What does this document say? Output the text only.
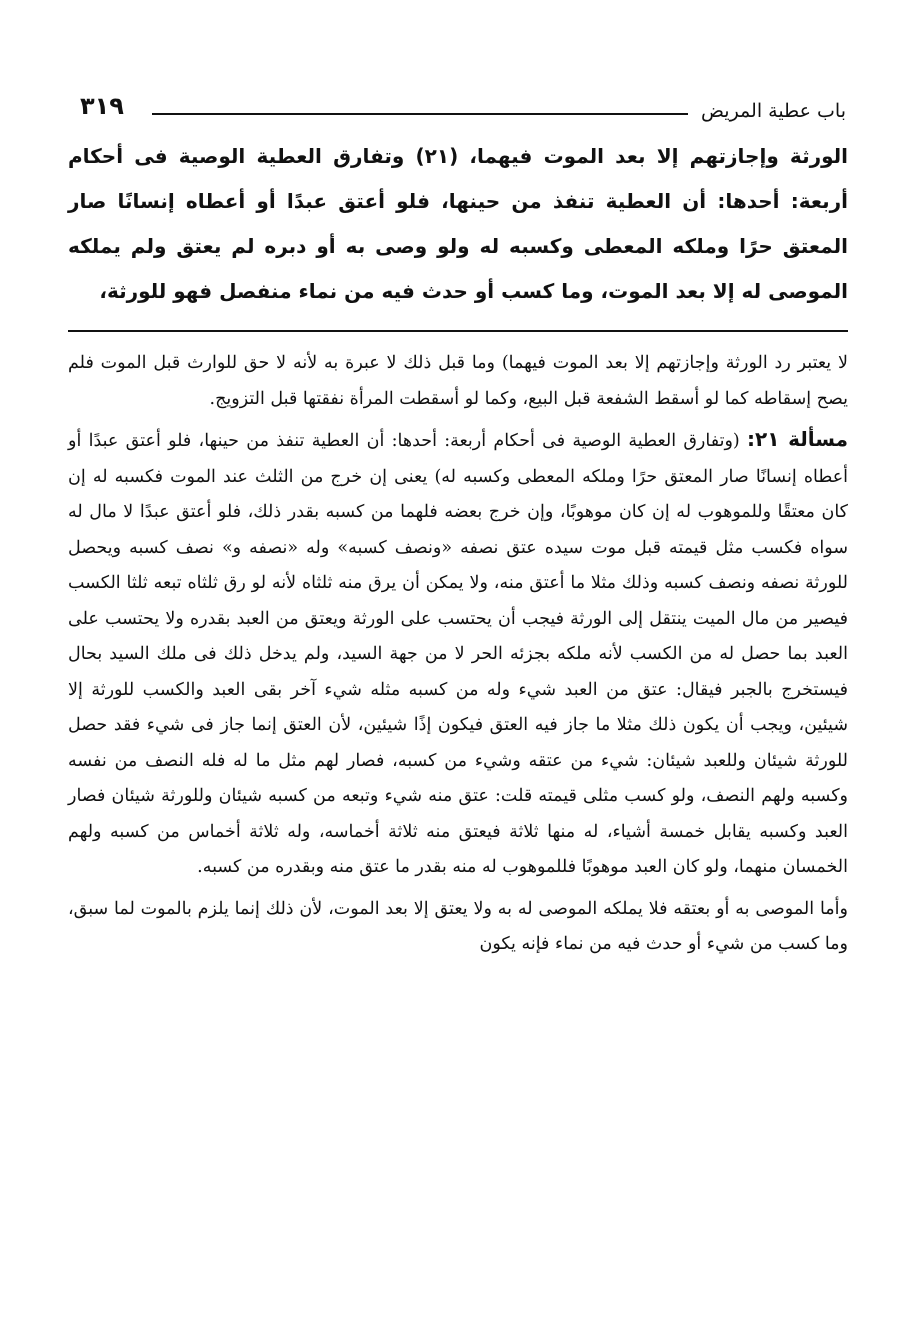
باب عطية المريض
٣١٩

الورثة وإجازتهم إلا بعد الموت فيهما، (٢١) وتفارق العطية الوصية فى أحكام أربعة: أحدها: أن العطية تنفذ من حينها، فلو أعتق عبدًا أو أعطاه إنسانًا صار المعتق حرًا وملكه المعطى وكسبه له ولو وصى به أو دبره لم يعتق ولم يملكه الموصى له إلا بعد الموت، وما كسب أو حدث فيه من نماء منفصل فهو للورثة،

لا يعتبر رد الورثة وإجازتهم إلا بعد الموت فيهما) وما قبل ذلك لا عبرة به لأنه لا حق للوارث قبل الموت فلم يصح إسقاطه كما لو أسقط الشفعة قبل البيع، وكما لو أسقطت المرأة نفقتها قبل التزويج.

مسألة ٢١: (وتفارق العطية الوصية فى أحكام أربعة: أحدها: أن العطية تنفذ من حينها، فلو أعتق عبدًا أو أعطاه إنسانًا صار المعتق حرًا وملكه المعطى وكسبه له) يعنى إن خرج من الثلث عند الموت فكسبه له إن كان معتقًا وللموهوب له إن كان موهوبًا، وإن خرج بعضه فلهما من كسبه بقدر ذلك، فلو أعتق عبدًا لا مال له سواه فكسب مثل قيمته قبل موت سيده عتق نصفه «ونصف كسبه» وله «نصفه و» نصف كسبه ويحصل للورثة نصفه ونصف كسبه وذلك مثلا ما أعتق منه، ولا يمكن أن يرق منه ثلثاه لأنه لو رق ثلثاه تبعه ثلثا الكسب فيصير من مال الميت ينتقل إلى الورثة فيجب أن يحتسب على الورثة ويعتق من العبد بقدره ولا يحتسب على العبد بما حصل له من الكسب لأنه ملكه بجزئه الحر لا من جهة السيد، ولم يدخل ذلك فى ملك السيد بحال فيستخرج بالجبر فيقال: عتق من العبد شيء وله من كسبه مثله شيء آخر بقى العبد والكسب للورثة إلا شيئين، ويجب أن يكون ذلك مثلا ما جاز فيه العتق فيكون إذًا شيئين، لأن العتق إنما جاز فى شيء فقد حصل للورثة شيئان وللعبد شيئان: شيء من عتقه وشيء من كسبه، فصار لهم مثل ما له فله النصف من نفسه وكسبه ولهم النصف، ولو كسب مثلى قيمته قلت: عتق منه شيء وتبعه من كسبه شيئان وللورثة شيئان فصار العبد وكسبه يقابل خمسة أشياء، له منها ثلاثة فيعتق منه ثلاثة أخماسه، وله ثلاثة أخماس من كسبه ولهم الخمسان منهما، ولو كان العبد موهوبًا فللموهوب له منه بقدر ما عتق منه وبقدره من كسبه.

وأما الموصى به أو بعتقه فلا يملكه الموصى له به ولا يعتق إلا بعد الموت، لأن ذلك إنما يلزم بالموت لما سبق، وما كسب من شيء أو حدث فيه من نماء فإنه يكون
